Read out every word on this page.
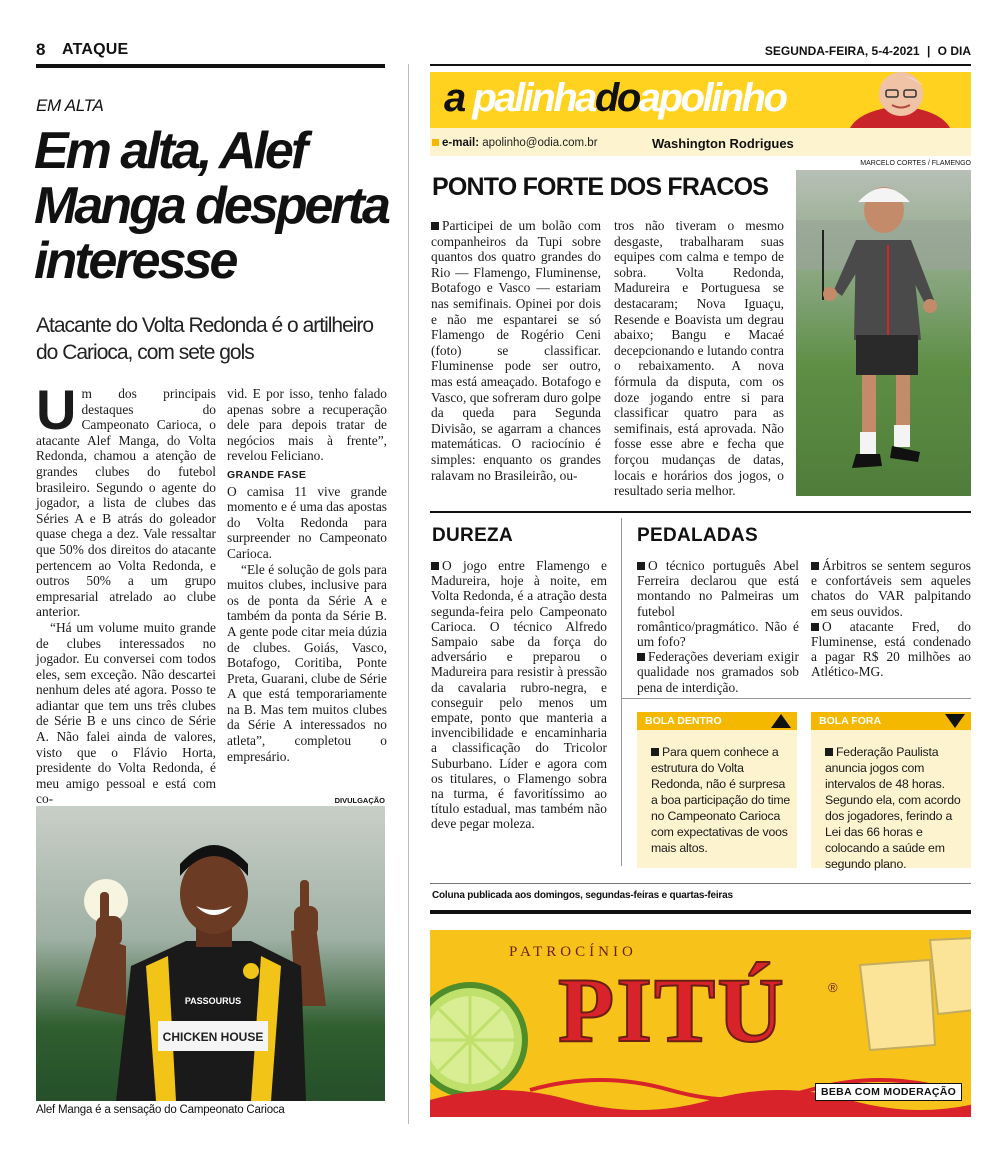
8 ATAQUE	SEGUNDA-FEIRA, 5-4-2021 | O DIA
EM ALTA
Em alta, Alef Manga desperta interesse
Atacante do Volta Redonda é o artilheiro do Carioca, com sete gols
U m dos principais destaques do Campeonato Carioca, o atacante Alef Manga, do Volta Redonda, chamou a atenção de grandes clubes do futebol brasileiro. Segundo o agente do jogador, a lista de clubes das Séries A e B atrás do goleador quase chega a dez. Vale ressaltar que 50% dos direitos do atacante pertencem ao Volta Redonda, e outros 50% a um grupo empresarial atrelado ao clube anterior.

“Há um volume muito grande de clubes interessados no jogador. Eu conversei com todos eles, sem exceção. Não descartei nenhum deles até agora. Posso te adiantar que tem uns três clubes de Série B e uns cinco de Série A. Não falei ainda de valores, visto que o Flávio Horta, presidente do Volta Redonda, é meu amigo pessoal e está com co-

vid. E por isso, tenho falado apenas sobre a recuperação dele para depois tratar de negócios mais à frente”, revelou Feliciano.

GRANDE FASE

O camisa 11 vive grande momento e é uma das apostas do Volta Redonda para surpreender no Campeonato Carioca.

“Ele é solução de gols para muitos clubes, inclusive para os de ponta da Série A e também da ponta da Série B. A gente pode citar meia dúzia de clubes. Goiás, Vasco, Botafogo, Coritiba, Ponte Preta, Guarani, clube de Série A que está temporariamente na B. Mas tem muitos clubes da Série A interessados no atleta”, completou o empresário.

DIVULGAÇÃO
CHICKEN HOUSE
PASSOURUS
Alef Manga é a sensação do Campeonato Carioca
a palinhadoapolinho
e-mail: apolinho@odia.com.br	Washington Rodrigues
MARCELO CORTES / FLAMENGO
PONTO FORTE DOS FRACOS

Participei de um bolão com companheiros da Tupi sobre quantos dos quatro grandes do Rio — Flamengo, Fluminense, Botafogo e Vasco — estariam nas semifinais. Opinei por dois e não me espantarei se só Flamengo de Rogério Ceni (foto) se classificar. Fluminense pode ser outro, mas está ameaçado. Botafogo e Vasco, que sofreram duro golpe da queda para Segunda Divisão, se agarram a chances matemáticas. O raciocínio é simples: enquanto os grandes ralavam no Brasileirão, ou-

tros não tiveram o mesmo desgaste, trabalharam suas equipes com calma e tempo de sobra. Volta Redonda, Madureira e Portuguesa se destacaram; Nova Iguaçu, Resende e Boavista um degrau abaixo; Bangu e Macaé decepcionando e lutando contra o rebaixamento. A nova fórmula da disputa, com os doze jogando entre si para classificar quatro para as semifinais, está aprovada. Não fosse esse abre e fecha que forçou mudanças de datas, locais e horários dos jogos, o resultado seria melhor.

DUREZA

O jogo entre Flamengo e Madureira, hoje à noite, em Volta Redonda, é a atração desta segunda-feira pelo Campeonato Carioca. O técnico Alfredo Sampaio sabe da força do adversário e preparou o Madureira para resistir à pressão da cavalaria rubro-negra, e conseguir pelo menos um empate, ponto que manteria a invencibilidade e encaminharia a classificação do Tricolor Suburbano. Líder e agora com os titulares, o Flamengo sobra na turma, é favoritíssimo ao título estadual, mas também não deve pegar moleza.

PEDALADAS

O técnico português Abel Ferreira declarou que está montando no Palmeiras um futebol romântico/pragmático. Não é um fofo?

Federações deveriam exigir qualidade nos gramados sob pena de interdição.

Árbitros se sentem seguros e confortáveis sem aqueles chatos do VAR palpitando em seus ouvidos.

O atacante Fred, do Fluminense, está condenado a pagar R$ 20 milhões ao Atlético-MG.

BOLA DENTRO
Para quem conhece a estrutura do Volta Redonda, não é surpresa a boa participação do time no Campeonato Carioca com expectativas de voos mais altos.
BOLA FORA
Federação Paulista anuncia jogos com intervalos de 48 horas. Segundo ela, com acordo dos jogadores, ferindo a Lei das 66 horas e colocando a saúde em segundo plano.
Coluna publicada aos domingos, segundas-feiras e quartas-feiras
PATROCÍNIO
PITÚ	®
BEBA COM MODERAÇÃO
